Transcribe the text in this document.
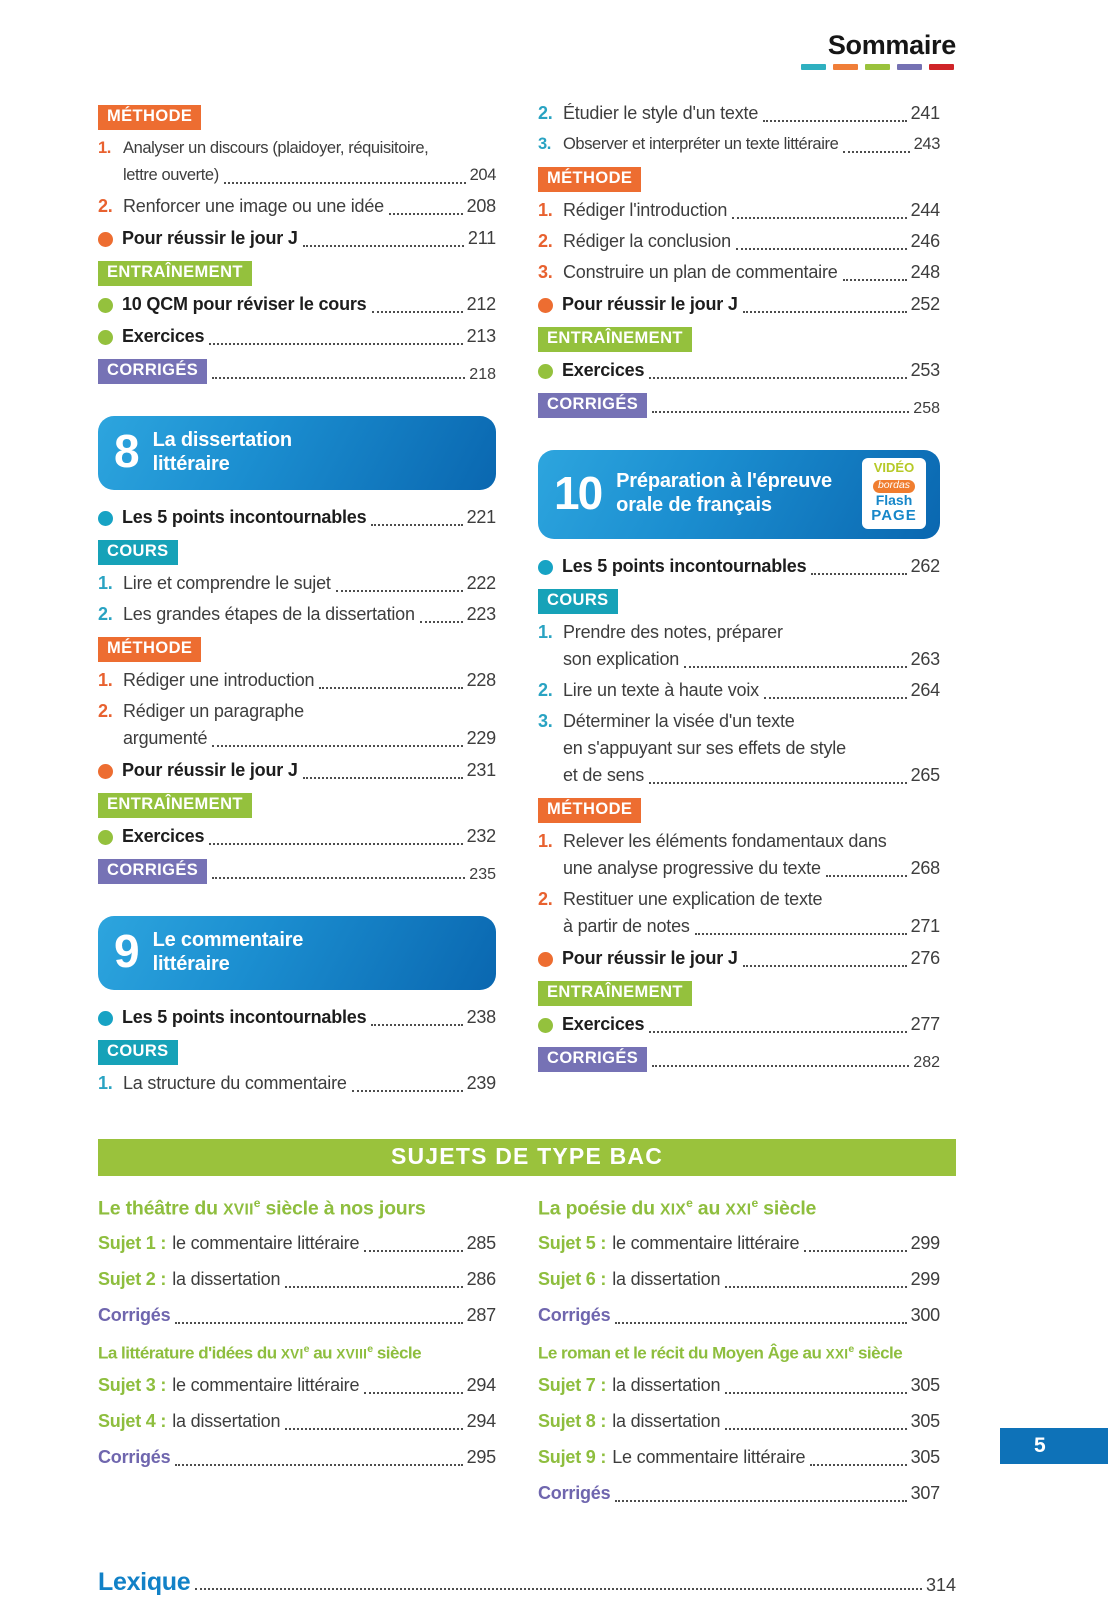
Sommaire
MÉTHODE
1. Analyser un discours (plaidoyer, réquisitoire,
lettre ouverte)	204
2. Renforcer une image ou une idée	208
Pour réussir le jour J	211
ENTRAÎNEMENT
10 QCM pour réviser le cours	212
Exercices	213
CORRIGÉS	218
8 La dissertation
littéraire
Les 5 points incontournables	221
COURS
1. Lire et comprendre le sujet	222
2. Les grandes étapes de la dissertation	223
MÉTHODE
1. Rédiger une introduction	228
2. Rédiger un paragraphe
argumenté	229
Pour réussir le jour J	231
ENTRAÎNEMENT
Exercices	232
CORRIGÉS	235
9 Le commentaire
littéraire
Les 5 points incontournables	238
COURS
1. La structure du commentaire	239
2. Étudier le style d'un texte	241
3. Observer et interpréter un texte littéraire	243
MÉTHODE
1. Rédiger l'introduction	244
2. Rédiger la conclusion	246
3. Construire un plan de commentaire	248
Pour réussir le jour J	252
ENTRAÎNEMENT
Exercices	253
CORRIGÉS	258
10 Préparation à l'épreuve
orale de français
VIDÉO
bordas
Flash
PAGE
Les 5 points incontournables	262
COURS
1. Prendre des notes, préparer
son explication	263
2. Lire un texte à haute voix	264
3. Déterminer la visée d'un texte
en s'appuyant sur ses effets de style
et de sens	265
MÉTHODE
1. Relever les éléments fondamentaux dans
une analyse progressive du texte	268
2. Restituer une explication de texte
à partir de notes	271
Pour réussir le jour J	276
ENTRAÎNEMENT
Exercices	277
CORRIGÉS	282
SUJETS DE TYPE BAC
Le théâtre du XVIIe siècle à nos jours
Sujet 1 : le commentaire littéraire	285
Sujet 2 : la dissertation	286
Corrigés	287
La littérature d'idées du XVIe au XVIIIe siècle
Sujet 3 : le commentaire littéraire	294
Sujet 4 : la dissertation	294
Corrigés	295
La poésie du XIXe au XXIe siècle
Sujet 5 : le commentaire littéraire	299
Sujet 6 : la dissertation	299
Corrigés	300
Le roman et le récit du Moyen Âge au XXIe siècle
Sujet 7 : la dissertation	305
Sujet 8 : la dissertation	305
Sujet 9 : Le commentaire littéraire	305
Corrigés	307
Lexique	314
5
